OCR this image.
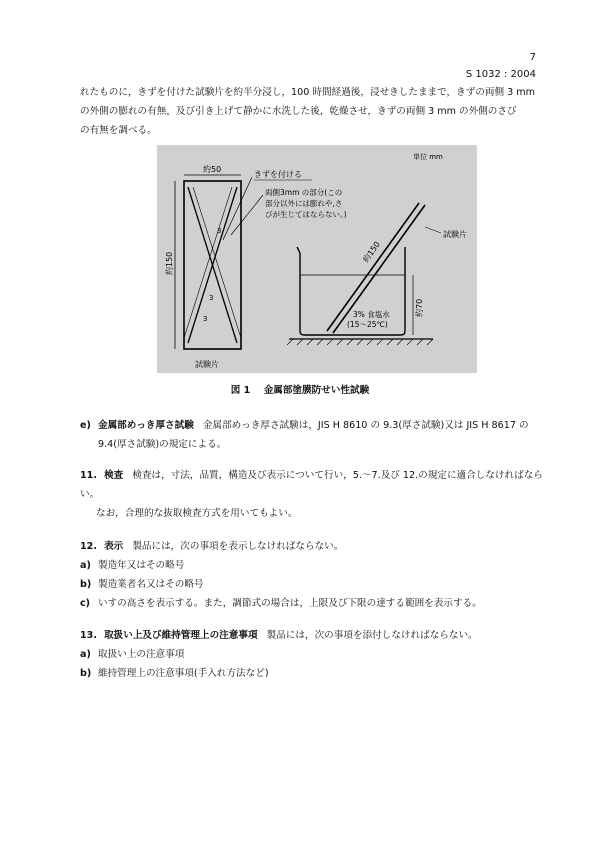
7
S 1032 : 2004
れたものに，きずを付けた試験片を約半分浸し，100 時間経過後，浸せきしたままで，きずの両側 3 mm
の外側の膨れの有無，及び引き上げて静かに水洗した後，乾燥させ，きずの両側 3 mm の外側のさび
の有無を調べる。
単位 mm
約50
約150
3
3
3
試験片
きずを付ける
両側3mm の部分(この
部分以外には膨れや,さ
びが生じてはならない。)
約150
試験片
約70
3% 食塩水
(15～25℃)
図 1 金属部塗膜防せい性試験
e) 金属部めっき厚さ試験 金属部めっき厚さ試験は，JIS H 8610 の 9.3(厚さ試験)又は JIS H 8617 の
9.4(厚さ試験)の規定による。
11. 検査 検査は，寸法，品質，構造及び表示について行い，5.～7.及び 12.の規定に適合しなければなら
い。
なお，合理的な抜取検査方式を用いてもよい。
12. 表示 製品には，次の事項を表示しなければならない。
a) 製造年又はその略号
b) 製造業者名又はその略号
c) いすの高さを表示する。また，調節式の場合は，上限及び下限の達する範囲を表示する。
13. 取扱い上及び維持管理上の注意事項 製品には，次の事項を添付しなければならない。
a) 取扱い上の注意事項
b) 維持管理上の注意事項(手入れ方法など)
